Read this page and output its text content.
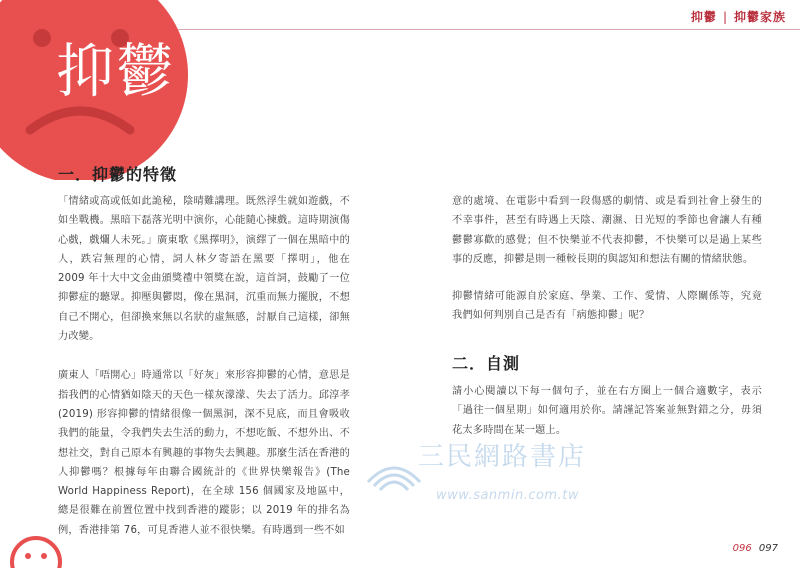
抑鬱 | 抑鬱家族
抑鬱
一．抑鬱的特徵

「情緒或高或低如此詭秘，陰晴難講理。既然浮生就如遊戲，不如坐戰機。黑暗下磊落光明中演你，心能隨心揀戲。這時期演傷心戲，戲爛人未死。」廣東歌《黑擇明》，演繹了一個在黑暗中的人，跌宕無理的心情，詞人林夕寄語在黑要「擇明」，他在 2009 年十大中文金曲頒獎禮中領獎在說，這首詞，鼓勵了一位抑鬱症的聽眾。抑壓與鬱悶，像在黑洞，沉重而無力擺脫，不想自己不開心，但卻換來無以名狀的虛無感，討厭自己這樣，卻無力改變。

廣東人「唔開心」時通常以「好灰」來形容抑鬱的心情，意思是指我們的心情猶如陰天的天色一樣灰濛濛、失去了活力。邱淳孝 (2019) 形容抑鬱的情緒很像一個黑洞，深不見底，而且會吸收我們的能量，令我們失去生活的動力，不想吃飯、不想外出、不想社交，對自己原本有興趣的事物失去興趣。那麼生活在香港的人抑鬱嗎？根據每年由聯合國統計的《世界快樂報告》(The World Happiness Report)，在全球 156 個國家及地區中，總是很難在前置位置中找到香港的蹤影；以 2019 年的排名為例，香港排第 76，可見香港人並不很快樂。有時遇到一些不如

意的處境、在電影中看到一段傷感的劇情、或是看到社會上發生的不幸事件，甚至有時遇上天陰、潮濕、日光短的季節也會讓人有種鬱鬱寡歡的感覺；但不快樂並不代表抑鬱，不快樂可以是過上某些事的反應，抑鬱是則一種較長期的與認知和想法有關的情緒狀態。

抑鬱情緒可能源自於家庭、學業、工作、愛情、人際關係等，究竟我們如何判別自己是否有「病態抑鬱」呢？

二．自測

請小心閱讀以下每一個句子，並在右方圈上一個合適數字，表示「過往一個星期」如何適用於你。請謹記答案並無對錯之分，毋須花太多時間在某一題上。

三民網路書店
www.sanmin.com.tw
096 097
